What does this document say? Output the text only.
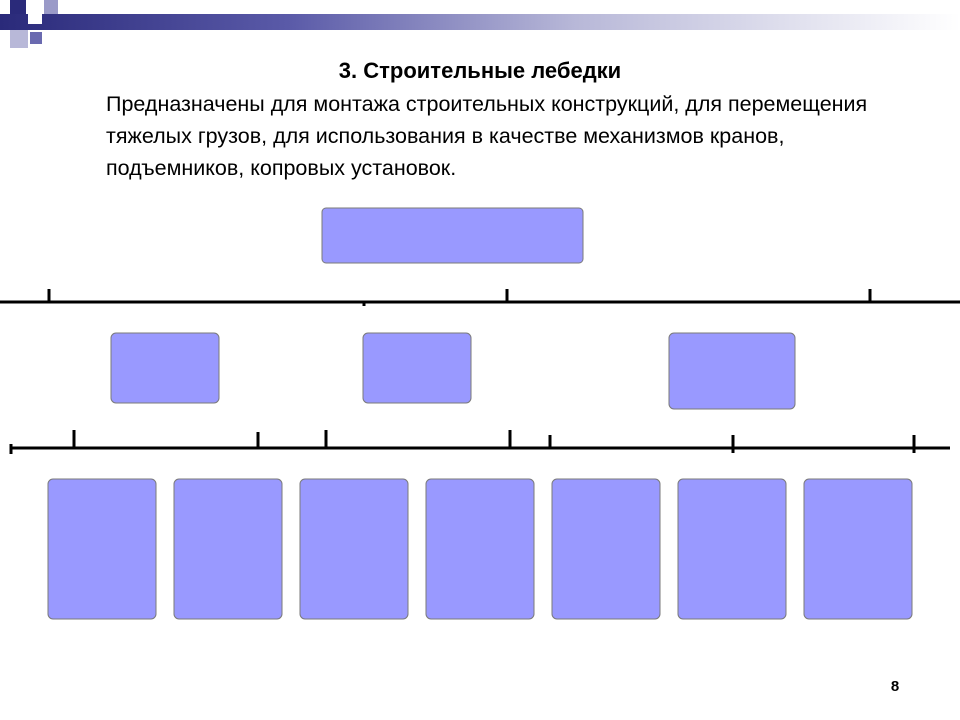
3. Строительные лебедки

Предназначены для монтажа строительных конструкций, для перемещения тяжелых грузов, для использования в качестве механизмов кранов, подъемников, копровых установок.

8
